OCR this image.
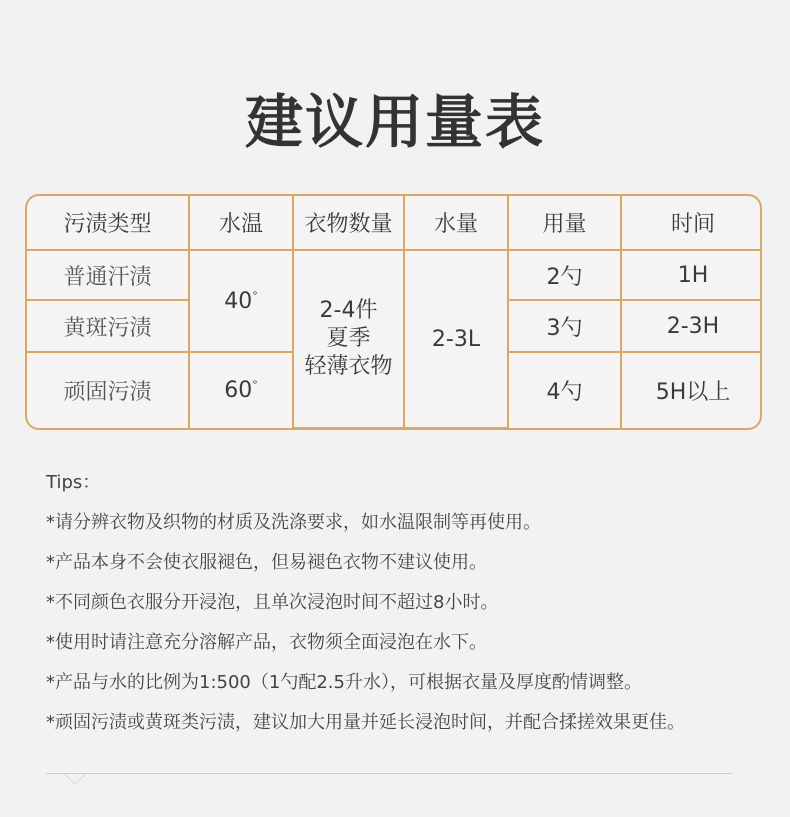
建议用量表
污渍类型	水温	衣物数量	水量	用量	时间
普通汗渍	40°	2-4件
夏季
轻薄衣物	2-3L	2勺	1H
黄斑污渍				3勺	2-3H
顽固污渍	60°			4勺	5H以上
Tips：
*请分辨衣物及织物的材质及洗涤要求，如水温限制等再使用。
*产品本身不会使衣服褪色，但易褪色衣物不建议使用。
*不同颜色衣服分开浸泡，且单次浸泡时间不超过8小时。
*使用时请注意充分溶解产品，衣物须全面浸泡在水下。
*产品与水的比例为1:500（1勺配2.5升水），可根据衣量及厚度酌情调整。
*顽固污渍或黄斑类污渍，建议加大用量并延长浸泡时间，并配合揉搓效果更佳。
